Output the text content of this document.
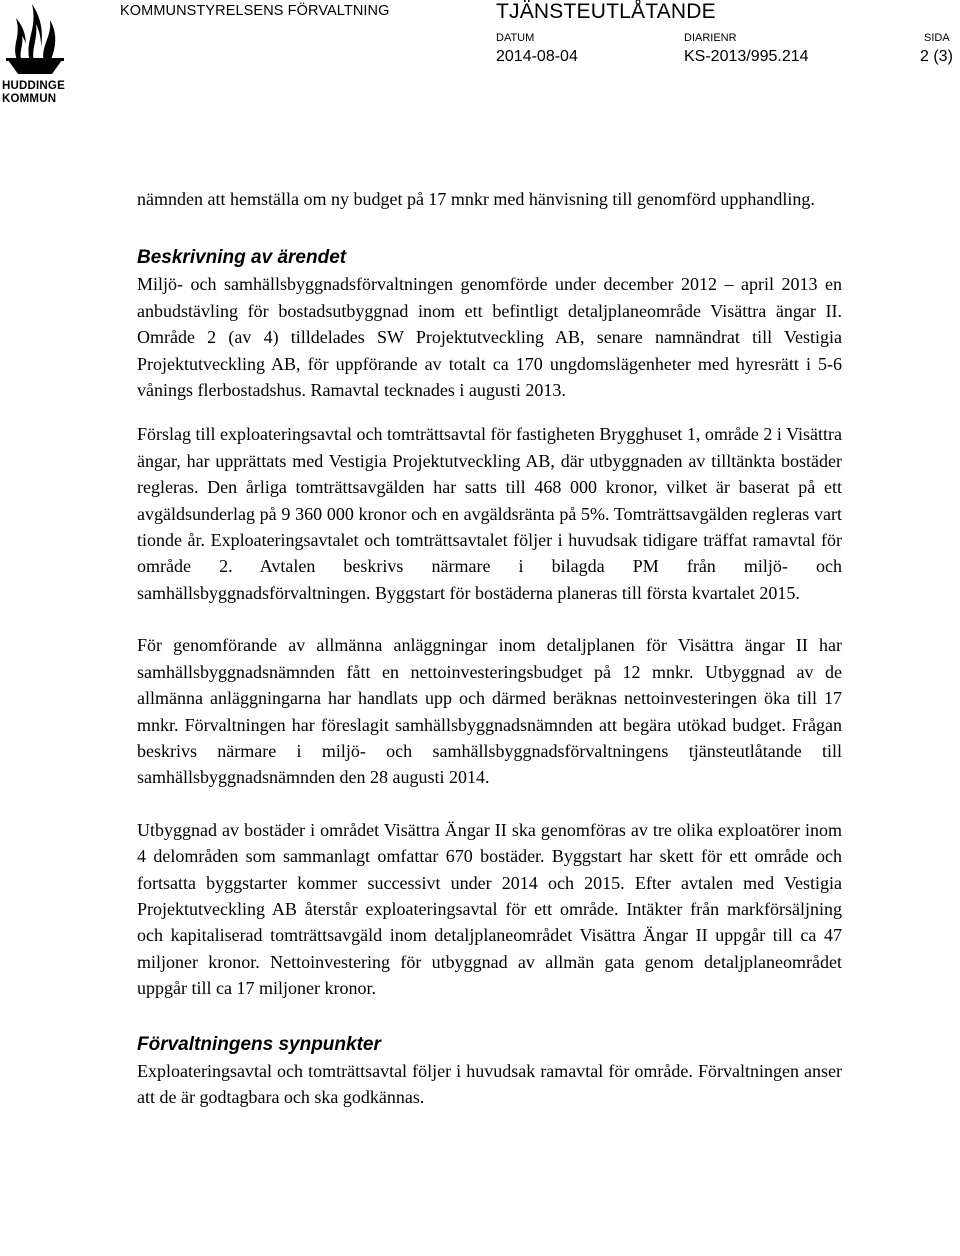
HUDDINGE
KOMMUN
KOMMUNSTYRELSENS FÖRVALTNING	TJÄNSTEUTLÅTANDE
DATUM
2014-08-04
DIARIENR
KS-2013/995.214
SIDA
2 (3)

nämnden att hemställa om ny budget på 17 mnkr med hänvisning till genomförd upphandling.

Beskrivning av ärendet

Miljö- och samhällsbyggnadsförvaltningen genomförde under december 2012 – april 2013 en anbudstävling för bostadsutbyggnad inom ett befintligt detaljplaneområde Visättra ängar II. Område 2 (av 4) tilldelades SW Projektutveckling AB, senare namnändrat till Vestigia Projektutveckling AB, för uppförande av totalt ca 170 ungdomslägenheter med hyresrätt i 5-6 vånings flerbostadshus. Ramavtal tecknades i augusti 2013.

Förslag till exploateringsavtal och tomträttsavtal för fastigheten Brygghuset 1, område 2 i Visättra ängar, har upprättats med Vestigia Projektutveckling AB, där utbyggnaden av tilltänkta bostäder regleras. Den årliga tomträttsavgälden har satts till 468 000 kronor, vilket är baserat på ett avgäldsunderlag på 9 360 000 kronor och en avgäldsränta på 5%. Tomträttsavgälden regleras vart tionde år. Exploateringsavtalet och tomträttsavtalet följer i huvudsak tidigare träffat ramavtal för område 2. Avtalen beskrivs närmare i bilagda PM från miljö- och samhällsbyggnadsförvaltningen. Byggstart för bostäderna planeras till första kvartalet 2015.

För genomförande av allmänna anläggningar inom detaljplanen för Visättra ängar II har samhällsbyggnadsnämnden fått en nettoinvesteringsbudget på 12 mnkr. Utbyggnad av de allmänna anläggningarna har handlats upp och därmed beräknas nettoinvesteringen öka till 17 mnkr. Förvaltningen har föreslagit samhällsbyggnadsnämnden att begära utökad budget. Frågan beskrivs närmare i miljö- och samhällsbyggnadsförvaltningens tjänsteutlåtande till samhällsbyggnadsnämnden den 28 augusti 2014.

Utbyggnad av bostäder i området Visättra Ängar II ska genomföras av tre olika exploatörer inom 4 delområden som sammanlagt omfattar 670 bostäder. Byggstart har skett för ett område och fortsatta byggstarter kommer successivt under 2014 och 2015. Efter avtalen med Vestigia Projektutveckling AB återstår exploateringsavtal för ett område. Intäkter från markförsäljning och kapitaliserad tomträttsavgäld inom detaljplaneområdet Visättra Ängar II uppgår till ca 47 miljoner kronor. Nettoinvestering för utbyggnad av allmän gata genom detaljplaneområdet uppgår till ca 17 miljoner kronor.

Förvaltningens synpunkter

Exploateringsavtal och tomträttsavtal följer i huvudsak ramavtal för område. Förvaltningen anser att de är godtagbara och ska godkännas.
